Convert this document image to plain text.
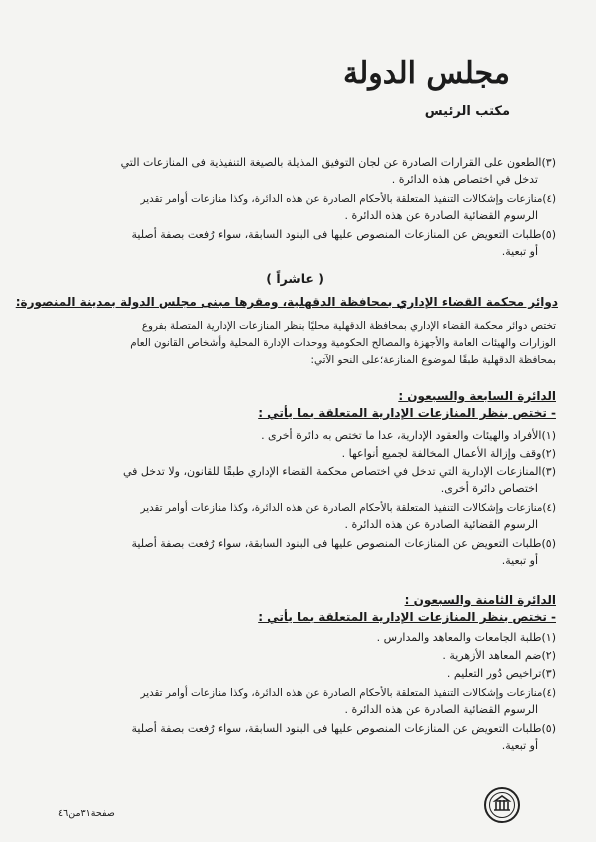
مجلس الدولة
مكتب الرئيس
(٣)الطعون على القرارات الصادرة عن لجان التوفيق المذيلة بالصيغة التنفيذية فى المنازعات التي
تدخل في اختصاص هذه الدائرة .
(٤)منازعات وإشكالات التنفيذ المتعلقة بالأحكام الصادرة عن هذه الدائرة، وكذا منازعات أوامر تقدير
الرسوم القضائية الصادرة عن هذه الدائرة .
(٥)طلبات التعويض عن المنازعات المنصوص عليها فى البنود السابقة، سواء رُفعت بصفة أصلية
أو تبعية.
( عاشراً )
دوائر محكمة القضاء الإداري بمحافظة الدقهلية، ومقرها مبنى مجلس الدولة بمدينة المنصورة:
تختص دوائر محكمة القضاء الإداري بمحافظة الدقهلية محليًا بنظر المنازعات الإدارية المتصلة بفروع
الوزارات والهيئات العامة والأجهزة والمصالح الحكومية ووحدات الإدارة المحلية وأشخاص القانون العام
بمحافظة الدقهلية طبقًا لموضوع المنازعة؛على النحو الآتي:
الدائرة السابعة والسبعون :
- تختص بنظر المنازعات الإدارية المتعلقة بما يأتي :
(١)الأفراد والهيئات والعقود الإدارية، عدا ما تختص به دائرة أخرى .
(٢)وقف وإزالة الأعمال المخالفة لجميع أنواعها .
(٣)المنازعات الإدارية التي تدخل في اختصاص محكمة القضاء الإداري طبقًا للقانون، ولا تدخل في
اختصاص دائرة أخرى.
(٤)منازعات وإشكالات التنفيذ المتعلقة بالأحكام الصادرة عن هذه الدائرة، وكذا منازعات أوامر تقدير
الرسوم القضائية الصادرة عن هذه الدائرة .
(٥)طلبات التعويض عن المنازعات المنصوص عليها فى البنود السابقة، سواء رُفعت بصفة أصلية
أو تبعية.
الدائرة الثامنة والسبعون :
- تختص بنظر المنازعات الإدارية المتعلقة بما يأتي :
(١)طلبة الجامعات والمعاهد والمدارس .
(٢)ضم المعاهد الأزهرية .
(٣)تراخيص دُور التعليم .
(٤)منازعات وإشكالات التنفيذ المتعلقة بالأحكام الصادرة عن هذه الدائرة، وكذا منازعات أوامر تقدير
الرسوم القضائية الصادرة عن هذه الدائرة .
(٥)طلبات التعويض عن المنازعات المنصوص عليها فى البنود السابقة، سواء رُفعت بصفة أصلية
أو تبعية.
صفحة٣١من٤٦
